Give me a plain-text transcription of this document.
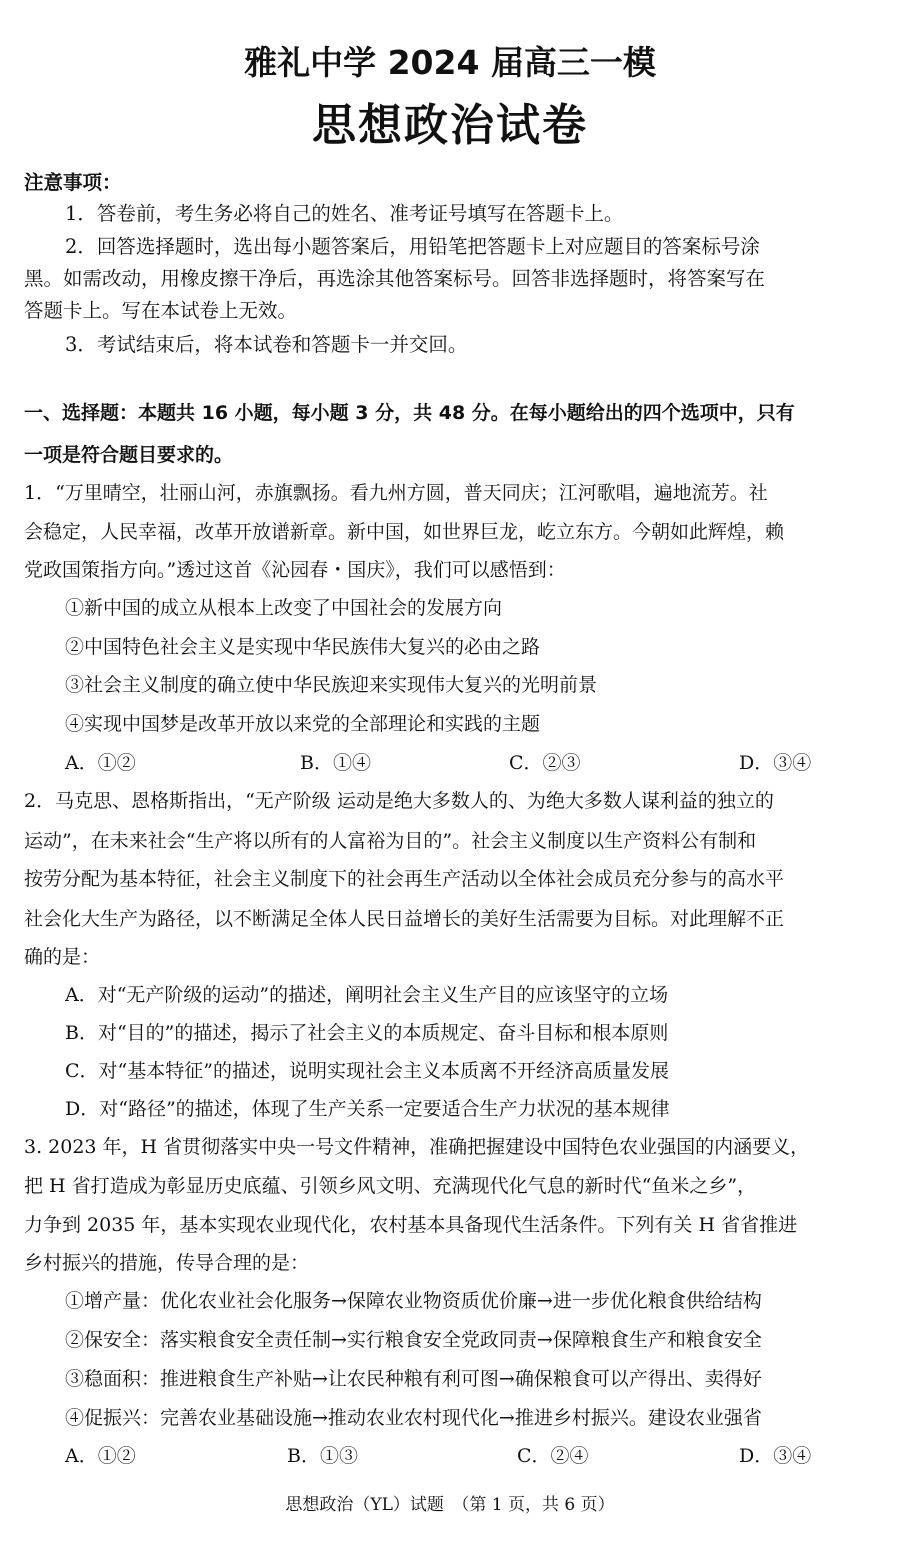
雅礼中学 2024 届高三一模
思想政治试卷
注意事项：
1．答卷前，考生务必将自己的姓名、准考证号填写在答题卡上。
2．回答选择题时，选出每小题答案后，用铅笔把答题卡上对应题目的答案标号涂
黑。如需改动，用橡皮擦干净后，再选涂其他答案标号。回答非选择题时，将答案写在
答题卡上。写在本试卷上无效。
3．考试结束后，将本试卷和答题卡一并交回。
一、选择题：本题共 16 小题，每小题 3 分，共 48 分。在每小题给出的四个选项中，只有
一项是符合题目要求的。
1．“万里晴空，壮丽山河，赤旗飘扬。看九州方圆，普天同庆；江河歌唱，遍地流芳。社
会稳定，人民幸福，改革开放谱新章。新中国，如世界巨龙，屹立东方。今朝如此辉煌，赖
党政国策指方向。”透过这首《沁园春・国庆》，我们可以感悟到：
①新中国的成立从根本上改变了中国社会的发展方向
②中国特色社会主义是实现中华民族伟大复兴的必由之路
③社会主义制度的确立使中华民族迎来实现伟大复兴的光明前景
④实现中国梦是改革开放以来党的全部理论和实践的主题
A．①②	B．①④	C．②③	D．③④
2．马克思、恩格斯指出，“无产阶级 运动是绝大多数人的、为绝大多数人谋利益的独立的
运动”，在未来社会“生产将以所有的人富裕为目的”。社会主义制度以生产资料公有制和
按劳分配为基本特征，社会主义制度下的社会再生产活动以全体社会成员充分参与的高水平
社会化大生产为路径，以不断满足全体人民日益增长的美好生活需要为目标。对此理解不正
确的是：
A．对“无产阶级的运动”的描述，阐明社会主义生产目的应该坚守的立场
B．对“目的”的描述，揭示了社会主义的本质规定、奋斗目标和根本原则
C．对“基本特征”的描述，说明实现社会主义本质离不开经济高质量发展
D．对“路径”的描述，体现了生产关系一定要适合生产力状况的基本规律
3. 2023 年，H 省贯彻落实中央一号文件精神，准确把握建设中国特色农业强国的内涵要义，
把 H 省打造成为彰显历史底蕴、引领乡风文明、充满现代化气息的新时代“鱼米之乡”，
力争到 2035 年，基本实现农业现代化，农村基本具备现代生活条件。下列有关 H 省省推进
乡村振兴的措施，传导合理的是：
①增产量：优化农业社会化服务→保障农业物资质优价廉→进一步优化粮食供给结构
②保安全：落实粮食安全责任制→实行粮食安全党政同责→保障粮食生产和粮食安全
③稳面积：推进粮食生产补贴→让农民种粮有利可图→确保粮食可以产得出、卖得好
④促振兴：完善农业基础设施→推动农业农村现代化→推进乡村振兴。建设农业强省
A．①②	B．①③	C．②④	D．③④
思想政治（YL）试题　（第 1 页，共 6 页）
